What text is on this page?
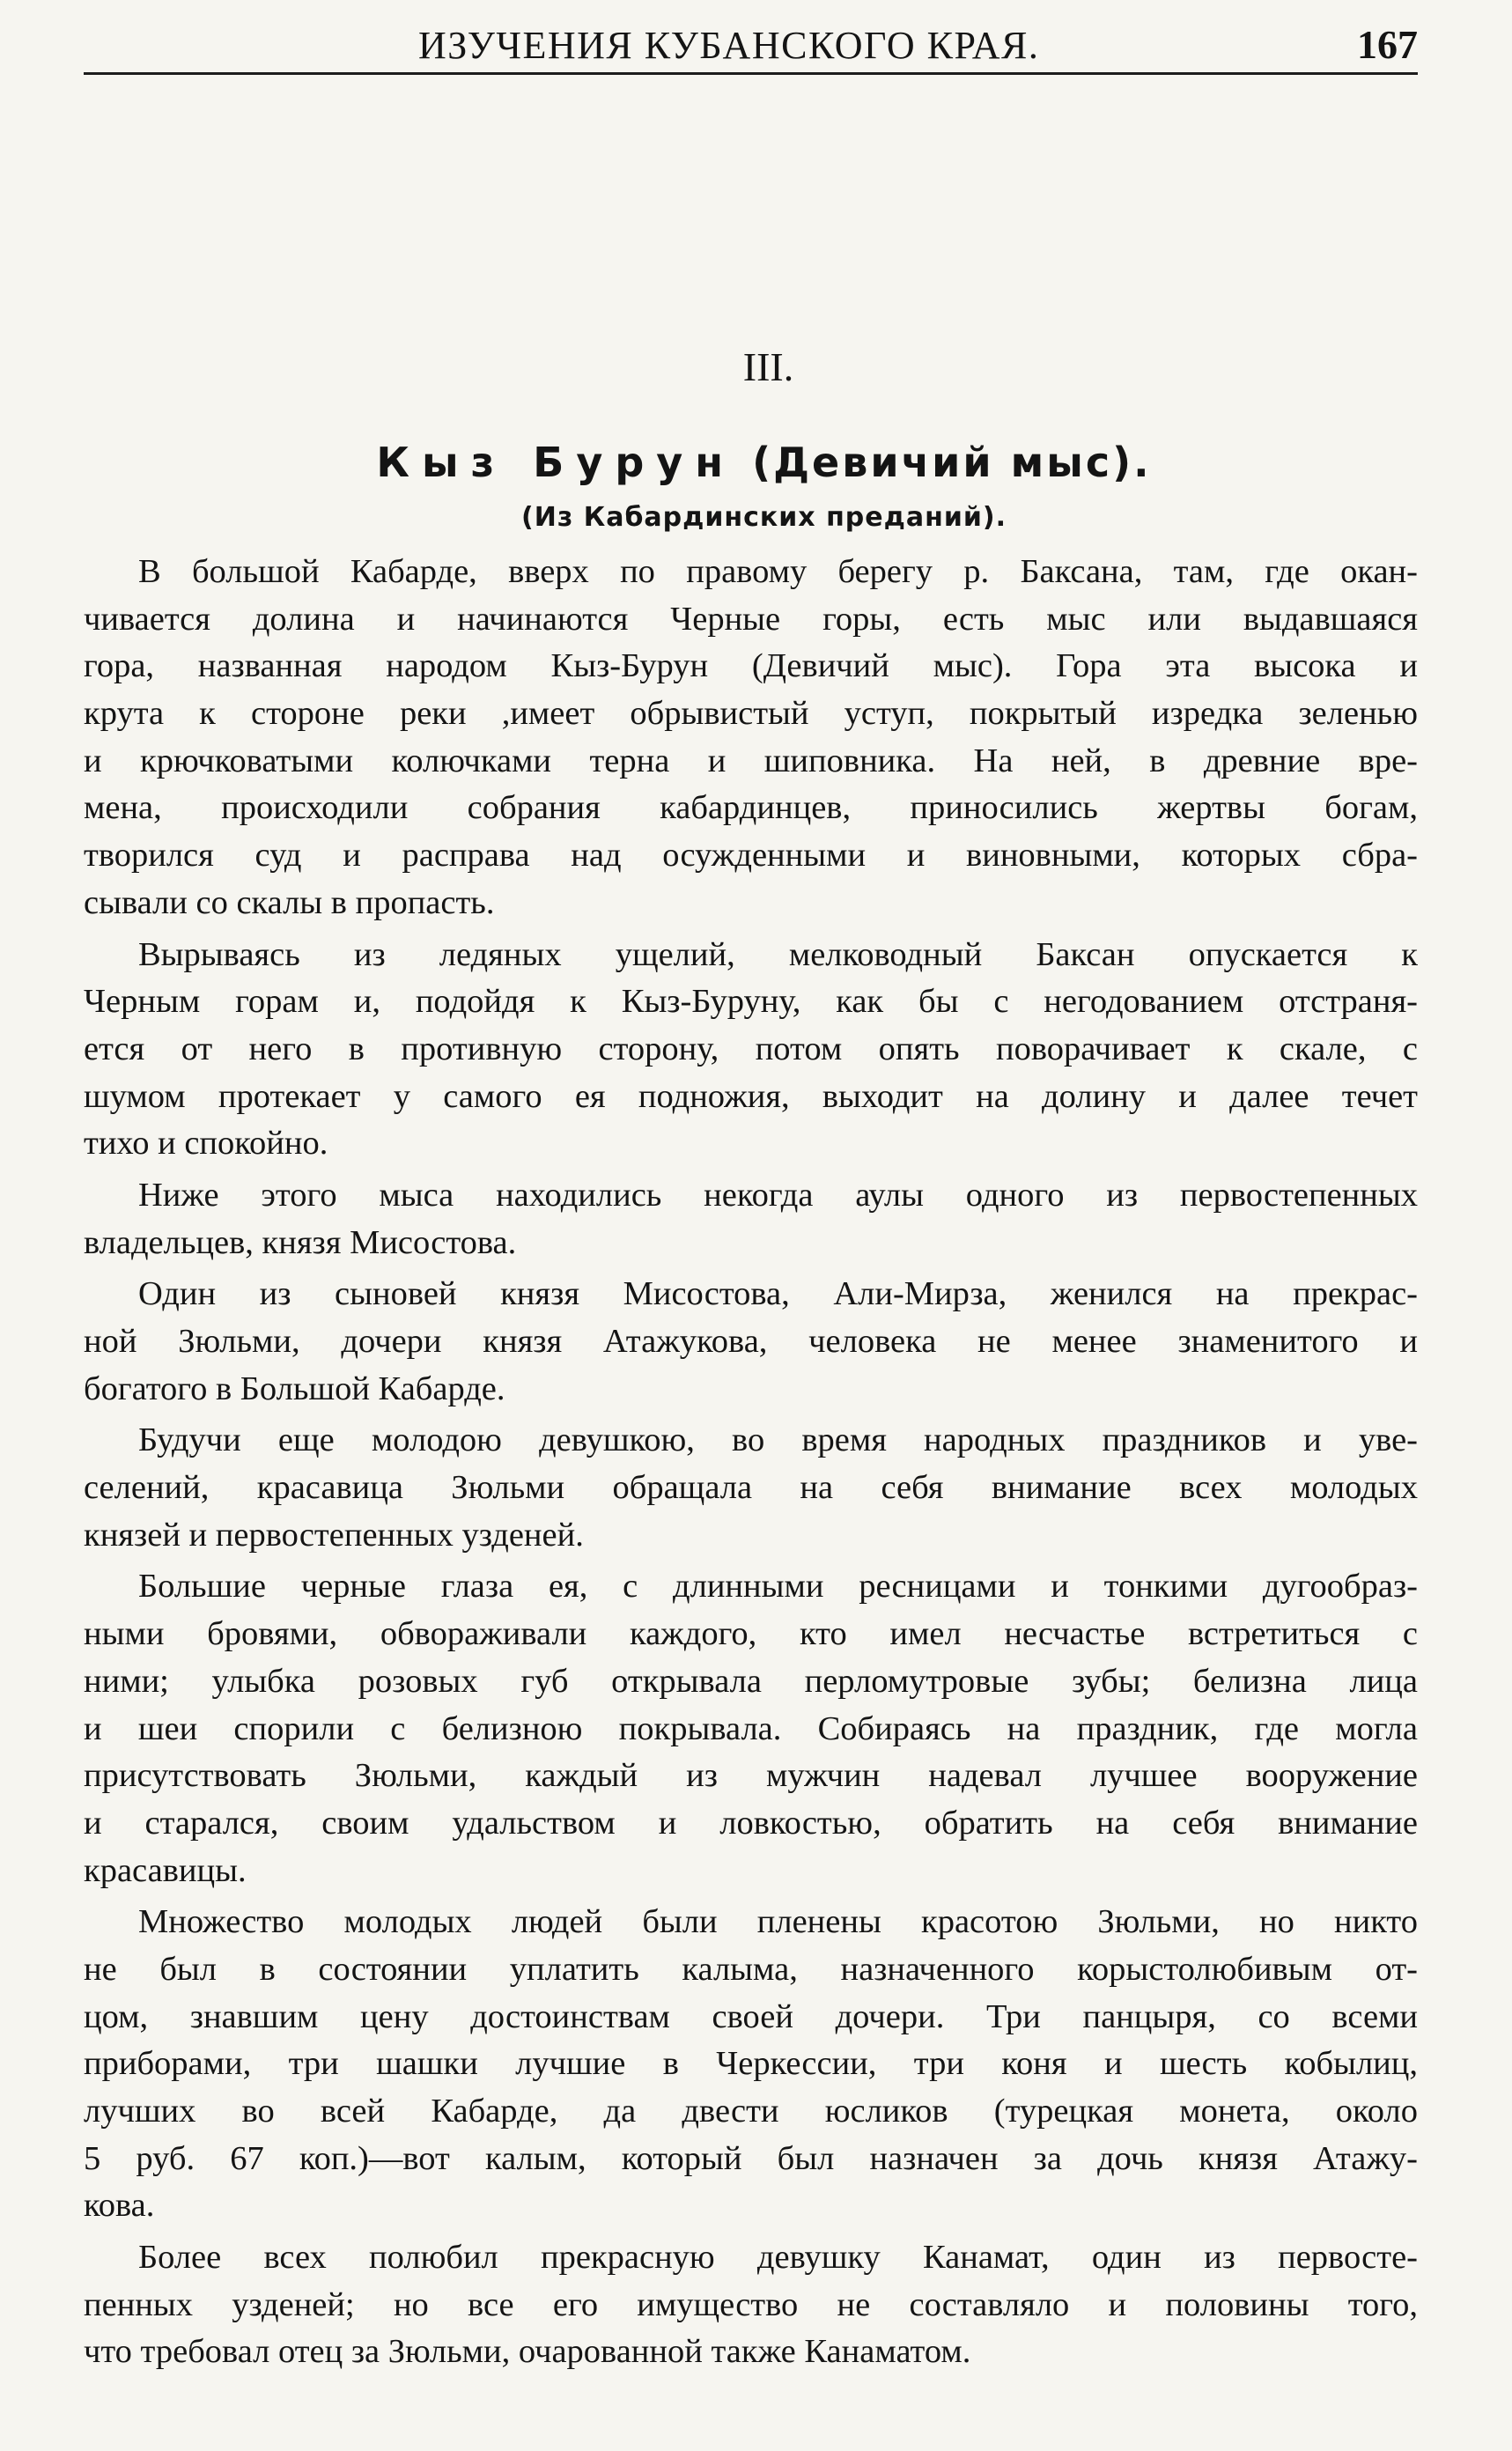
ИЗУЧЕНИЯ КУБАНСКОГО КРАЯ.	167
III.
Кыз Бурун (Девичий мыс).
(Из Кабардинских преданий).
В большой Кабарде, вверх по правому берегу р. Баксана, там, где окан-
чивается долина и начинаются Черные горы, есть мыс или выдавшаяся
гора, названная народом Кыз-Бурун (Девичий мыс). Гора эта высока и
крута к стороне реки ,имеет обрывистый уступ, покрытый изредка зеленью
и крючковатыми колючками терна и шиповника. На ней, в древние вре-
мена, происходили собрания кабардинцев, приносились жертвы богам,
творился суд и расправа над осужденными и виновными, которых сбра-
сывали со скалы в пропасть.
Вырываясь из ледяных ущелий, мелководный Баксан опускается к
Черным горам и, подойдя к Кыз-Буруну, как бы с негодованием отстраня-
ется от него в противную сторону, потом опять поворачивает к скале, с
шумом протекает у самого ея подножия, выходит на долину и далее течет
тихо и спокойно.
Ниже этого мыса находились некогда аулы одного из первостепенных
владельцев, князя Мисостова.
Один из сыновей князя Мисостова, Али-Мирза, женился на прекрас-
ной Зюльми, дочери князя Атажукова, человека не менее знаменитого и
богатого в Большой Кабарде.
Будучи еще молодою девушкою, во время народных праздников и уве-
селений, красавица Зюльми обращала на себя внимание всех молодых
князей и первостепенных узденей.
Большие черные глаза ея, с длинными ресницами и тонкими дугообраз-
ными бровями, обвораживали каждого, кто имел несчастье встретиться с
ними; улыбка розовых губ открывала перломутровые зубы; белизна лица
и шеи спорили с белизною покрывала. Собираясь на праздник, где могла
присутствовать Зюльми, каждый из мужчин надевал лучшее вооружение
и старался, своим удальством и ловкостью, обратить на себя внимание
красавицы.
Множество молодых людей были пленены красотою Зюльми, но никто
не был в состоянии уплатить калыма, назначенного корыстолюбивым от-
цом, знавшим цену достоинствам своей дочери. Три панцыря, со всеми
приборами, три шашки лучшие в Черкессии, три коня и шесть кобылиц,
лучших во всей Кабарде, да двести юсликов (турецкая монета, около
5 руб. 67 коп.)—вот калым, который был назначен за дочь князя Атажу-
кова.
Более всех полюбил прекрасную девушку Канамат, один из первосте-
пенных узденей; но все его имущество не составляло и половины того,
что требовал отец за Зюльми, очарованной также Канаматом.
